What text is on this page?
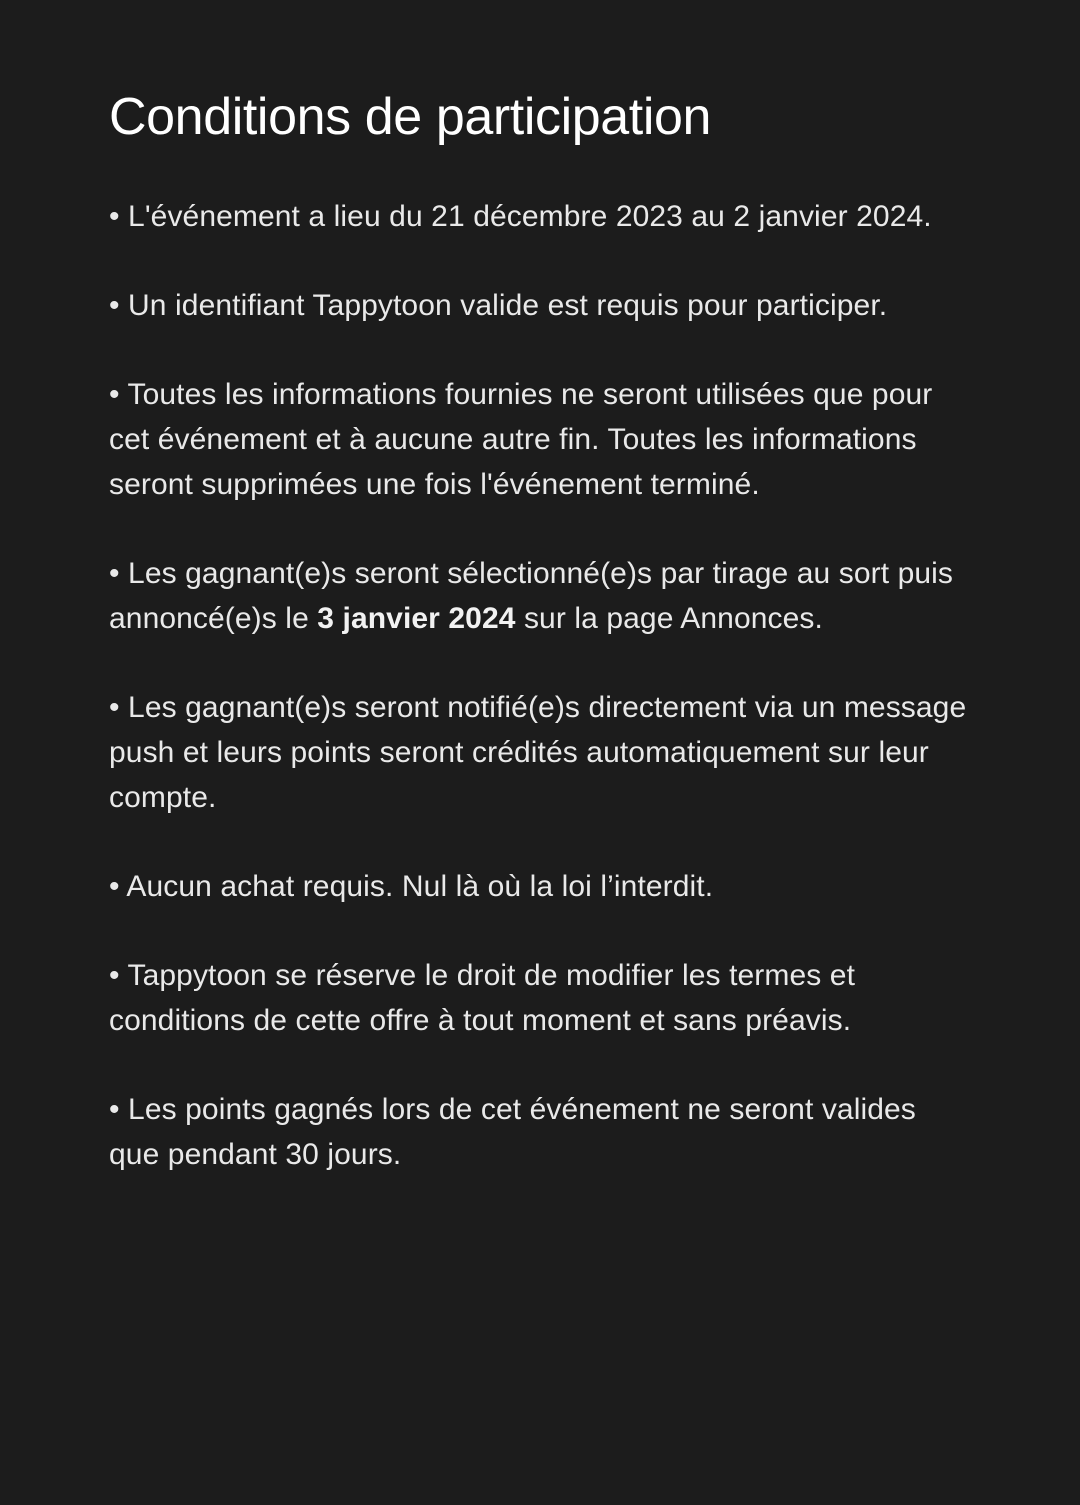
Conditions de participation
• L'événement a lieu du 21 décembre 2023 au 2 janvier 2024.
• Un identifiant Tappytoon valide est requis pour participer.
• Toutes les informations fournies ne seront utilisées que pour cet événement et à aucune autre fin. Toutes les informations seront supprimées une fois l'événement terminé.
• Les gagnant(e)s seront sélectionné(e)s par tirage au sort puis annoncé(e)s le 3 janvier 2024 sur la page Annonces.
• Les gagnant(e)s seront notifié(e)s directement via un message push et leurs points seront crédités automatiquement sur leur compte.
• Aucun achat requis. Nul là où la loi l’interdit.
• Tappytoon se réserve le droit de modifier les termes et conditions de cette offre à tout moment et sans préavis.
• Les points gagnés lors de cet événement ne seront valides que pendant 30 jours.
